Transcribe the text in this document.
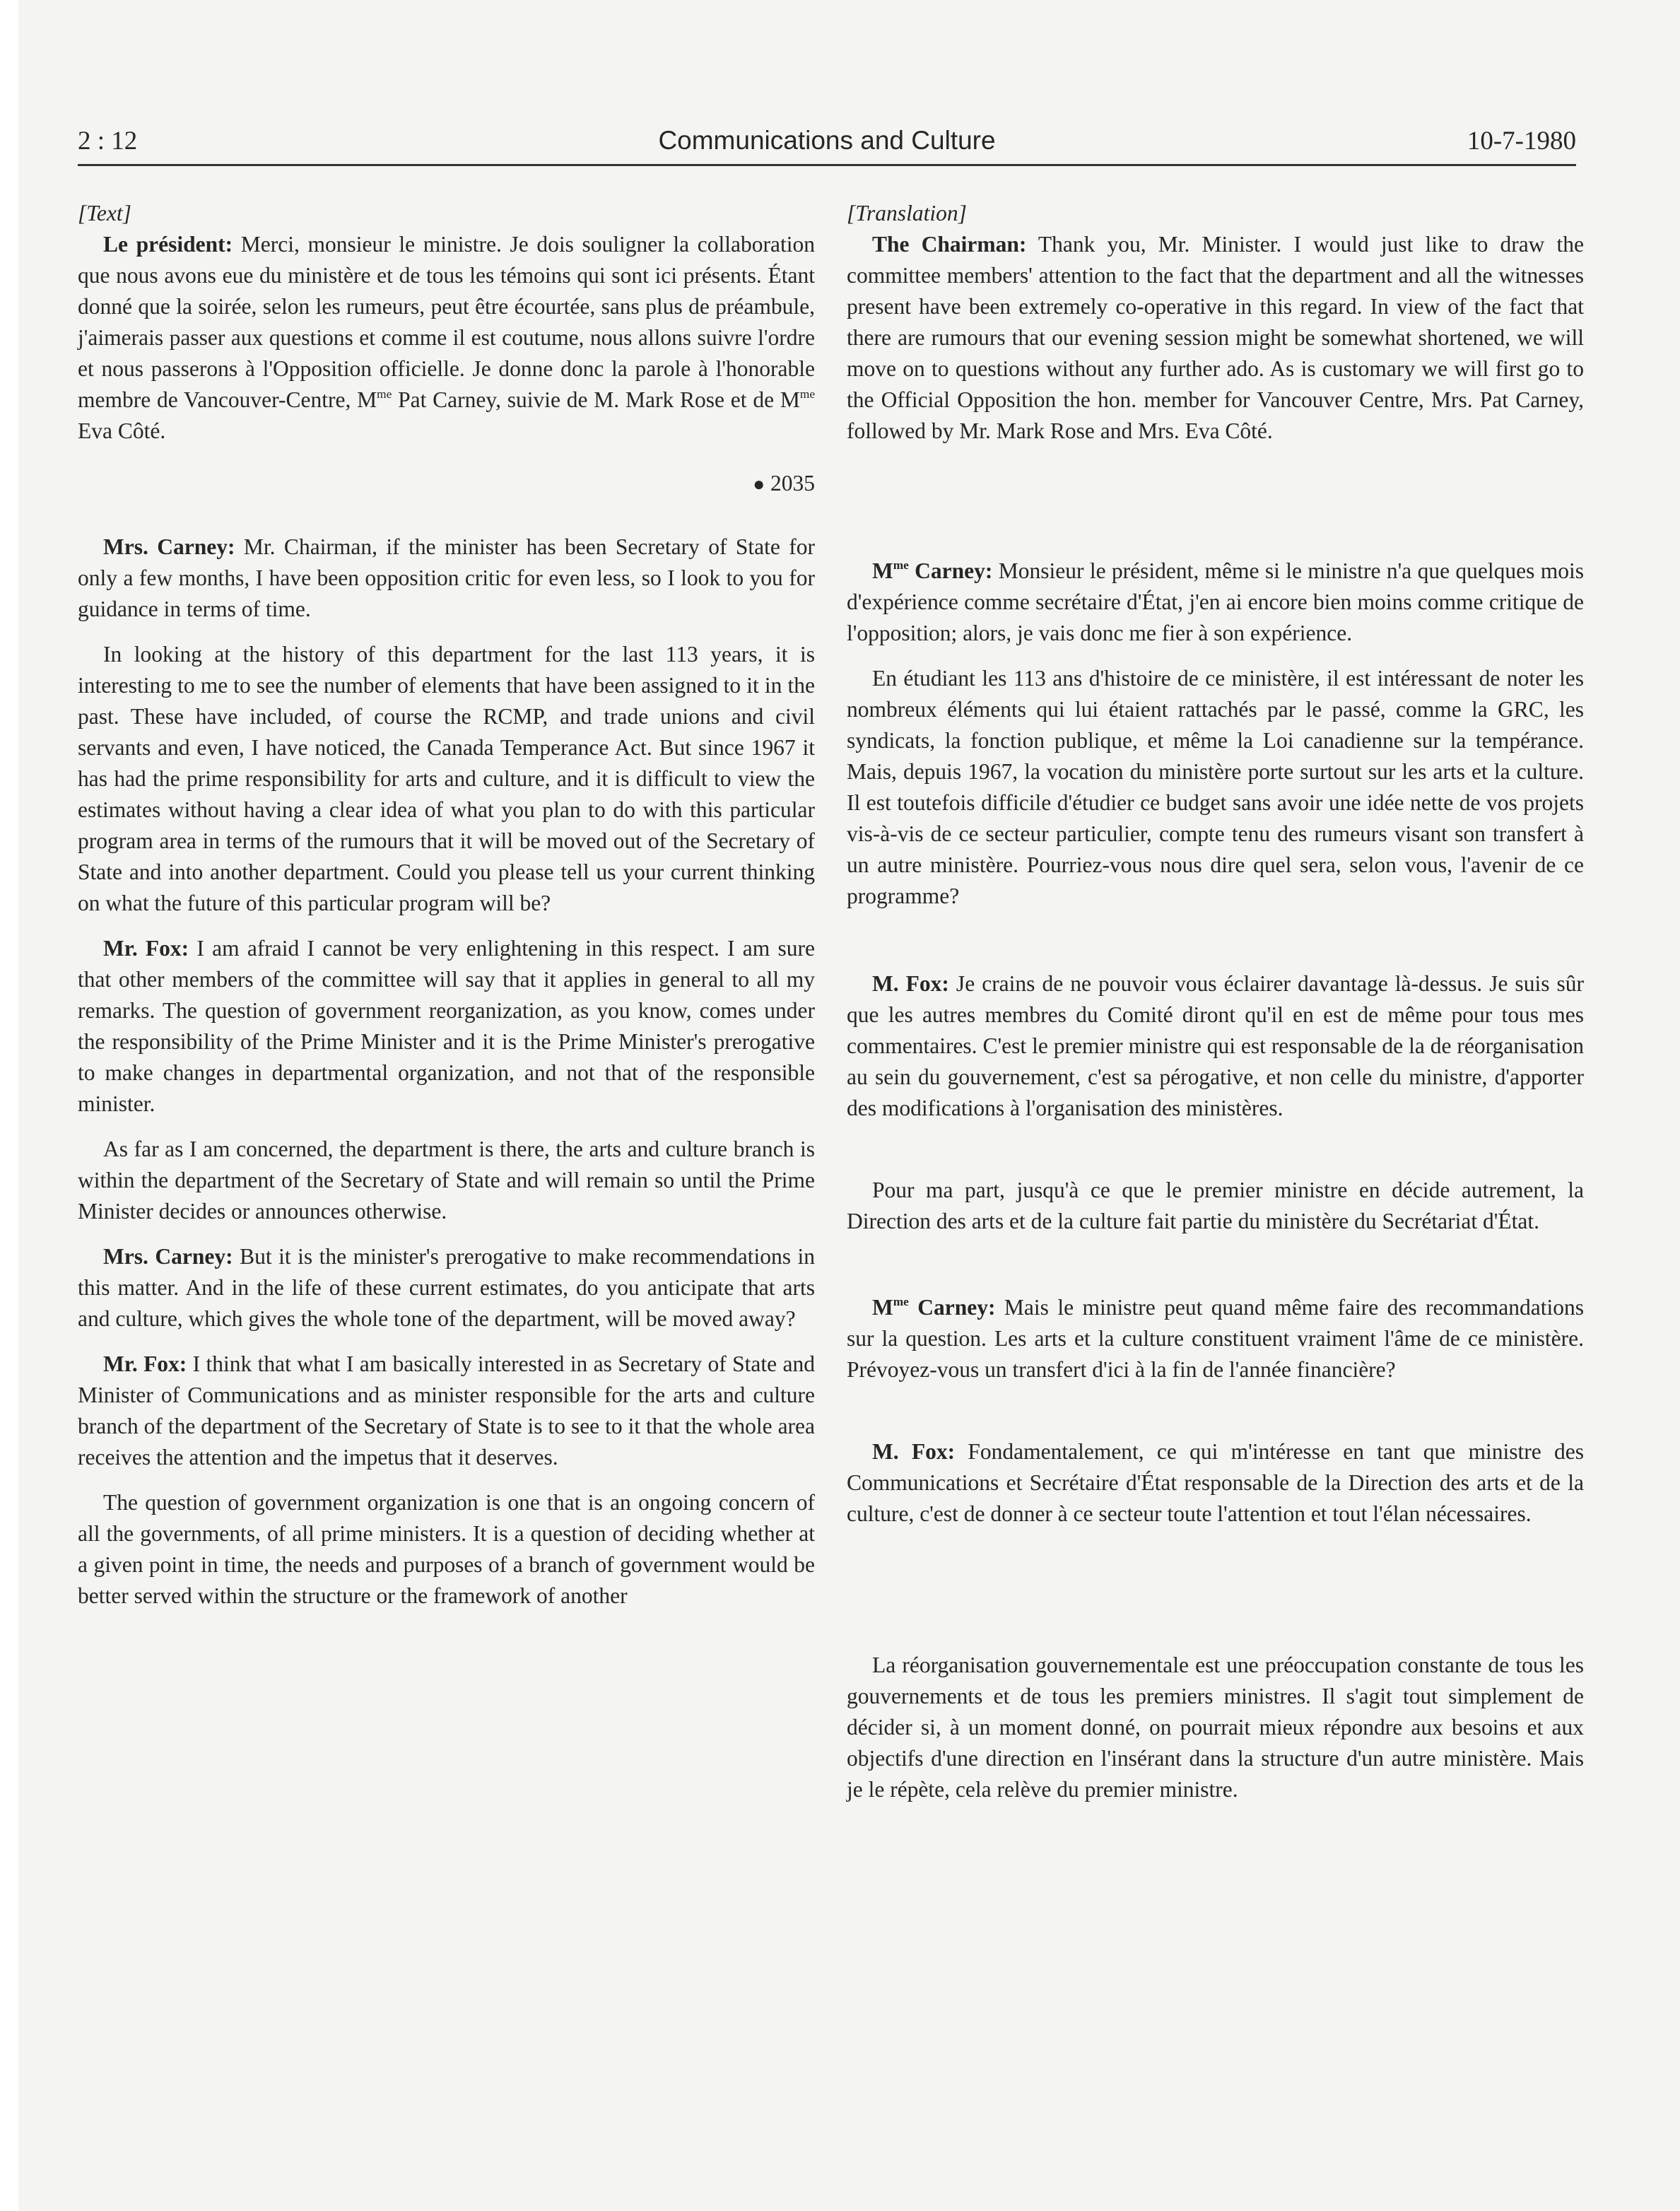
2 : 12	Communications and Culture	10-7-1980

[Text]

Le président: Merci, monsieur le ministre. Je dois souligner la collaboration que nous avons eue du ministère et de tous les témoins qui sont ici présents. Étant donné que la soirée, selon les rumeurs, peut être écourtée, sans plus de préambule, j'aimerais passer aux questions et comme il est coutume, nous allons suivre l'ordre et nous passerons à l'Opposition officielle. Je donne donc la parole à l'honorable membre de Vancouver-Centre, $M^{me}$ Pat Carney, suivie de M. Mark Rose et de $M^{me}$ Eva Côté.

● 2035

Mrs. Carney: Mr. Chairman, if the minister has been Secretary of State for only a few months, I have been opposition critic for even less, so I look to you for guidance in terms of time.

In looking at the history of this department for the last 113 years, it is interesting to me to see the number of elements that have been assigned to it in the past. These have included, of course the RCMP, and trade unions and civil servants and even, I have noticed, the Canada Temperance Act. But since 1967 it has had the prime responsibility for arts and culture, and it is difficult to view the estimates without having a clear idea of what you plan to do with this particular program area in terms of the rumours that it will be moved out of the Secretary of State and into another department. Could you please tell us your current thinking on what the future of this particular program will be?

Mr. Fox: I am afraid I cannot be very enlightening in this respect. I am sure that other members of the committee will say that it applies in general to all my remarks. The question of government reorganization, as you know, comes under the responsibility of the Prime Minister and it is the Prime Minister's prerogative to make changes in departmental organization, and not that of the responsible minister.

As far as I am concerned, the department is there, the arts and culture branch is within the department of the Secretary of State and will remain so until the Prime Minister decides or announces otherwise.

Mrs. Carney: But it is the minister's prerogative to make recommendations in this matter. And in the life of these current estimates, do you anticipate that arts and culture, which gives the whole tone of the department, will be moved away?

Mr. Fox: I think that what I am basically interested in as Secretary of State and Minister of Communications and as minister responsible for the arts and culture branch of the department of the Secretary of State is to see to it that the whole area receives the attention and the impetus that it deserves.

The question of government organization is one that is an ongoing concern of all the governments, of all prime ministers. It is a question of deciding whether at a given point in time, the needs and purposes of a branch of government would be better served within the structure or the framework of another

[Translation]

The Chairman: Thank you, Mr. Minister. I would just like to draw the committee members' attention to the fact that the department and all the witnesses present have been extremely co-operative in this regard. In view of the fact that there are rumours that our evening session might be somewhat shortened, we will move on to questions without any further ado. As is customary we will first go to the Official Opposition the hon. member for Vancouver Centre, Mrs. Pat Carney, followed by Mr. Mark Rose and Mrs. Eva Côté.

$M^{me}$ Carney: Monsieur le président, même si le ministre n'a que quelques mois d'expérience comme secrétaire d'État, j'en ai encore bien moins comme critique de l'opposition; alors, je vais donc me fier à son expérience.

En étudiant les 113 ans d'histoire de ce ministère, il est intéressant de noter les nombreux éléments qui lui étaient rattachés par le passé, comme la GRC, les syndicats, la fonction publique, et même la Loi canadienne sur la tempérance. Mais, depuis 1967, la vocation du ministère porte surtout sur les arts et la culture. Il est toutefois difficile d'étudier ce budget sans avoir une idée nette de vos projets vis-à-vis de ce secteur particulier, compte tenu des rumeurs visant son transfert à un autre ministère. Pourriez-vous nous dire quel sera, selon vous, l'avenir de ce programme?

M. Fox: Je crains de ne pouvoir vous éclairer davantage là-dessus. Je suis sûr que les autres membres du Comité diront qu'il en est de même pour tous mes commentaires. C'est le premier ministre qui est responsable de la de réorganisation au sein du gouvernement, c'est sa pérogative, et non celle du ministre, d'apporter des modifications à l'organisation des ministères.

Pour ma part, jusqu'à ce que le premier ministre en décide autrement, la Direction des arts et de la culture fait partie du ministère du Secrétariat d'État.

$M^{me}$ Carney: Mais le ministre peut quand même faire des recommandations sur la question. Les arts et la culture constituent vraiment l'âme de ce ministère. Prévoyez-vous un transfert d'ici à la fin de l'année financière?

M. Fox: Fondamentalement, ce qui m'intéresse en tant que ministre des Communications et Secrétaire d'État responsable de la Direction des arts et de la culture, c'est de donner à ce secteur toute l'attention et tout l'élan nécessaires.

La réorganisation gouvernementale est une préoccupation constante de tous les gouvernements et de tous les premiers ministres. Il s'agit tout simplement de décider si, à un moment donné, on pourrait mieux répondre aux besoins et aux objectifs d'une direction en l'insérant dans la structure d'un autre ministère. Mais je le répète, cela relève du premier ministre.
